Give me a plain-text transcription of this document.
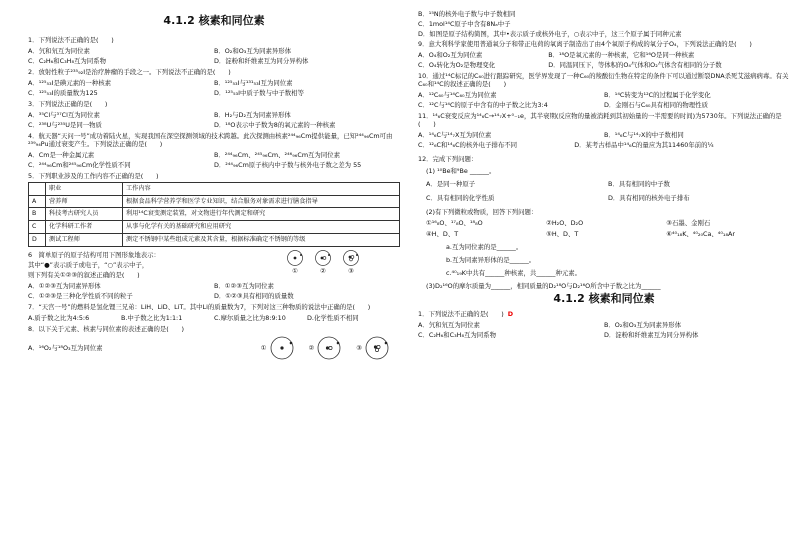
4.1.2 核素和同位素
1．下列说法不正确的是(　　)
A．氕和氘互为同位素	B．O₂和O₃互为同素异形体
C．C₂H₆和C₃H₈互为同系物	D．淀粉和纤维素互为同分异构体
2．放射性粒子²³⁵₉₂I是治疗肿瘤的手段之一。下列说法不正确的是(　　)
A．¹²⁵₅₃I是碘元素的一种核素	B．¹²⁵₅₃I与¹³¹₅₃I互为同位素
C．¹²⁵₅₃I的质量数为125	D．¹²⁵₅₃I中质子数与中子数相等
3．下列说法正确的是(　　)
A．³⁵Cl与³⁷Cl互为同位素	B．H₂与D₂互为同素异形体
C．²³⁸U与²³⁵U是同一物质	D．¹⁸O表示中子数为8的氧元素的一种核素
4．航天器“天问一号”成功着陆火星，实现我国在深空探测领域的技术跨越。此次探测由核素²⁴⁴₉₆Cm提供能量，已知²⁴⁴₉₆Cm可由²³⁹₉₄Pu通过衰变产生。下列说法正确的是(　　)
A．Cm是一种金属元素	B．²⁴⁴₉₆Cm、²⁴⁵₉₆Cm、²⁴⁶₉₆Cm互为同位素
C．²⁴⁴₉₆Cm和²⁴⁵₉₆Cm化学性质不同	D．²⁴⁴₉₆Cm原子核内中子数与核外电子数之差为 55
5．下列职业涉及的工作内容不正确的是(　　)
	职业	工作内容
A	营养师	根据食品科学营养学和医学专业知识，结合服务对象需求进行膳食指导
B	科技考古研究人员	利用¹⁴C衰变测定装置，对文物进行年代测定和研究
C	化学科研工作者	从事与化学有关的基础研究和应用研究
D	测试工程师	测定不锈钢中某些组成元素及其含量，根据标准确定不锈钢的等级
6　简单原子的原子结构可用下图形象地表示：
其中“●”表示质子或电子，“○”表示中子，
则下列有关①②③的叙述正确的是(　　)	①	②	③
A．①②③互为同素异形体	B．①②③互为同位素
C．①②③是三种化学性质不同的粒子	D．①②③具有相同的质量数
7．“天宫一号”的燃料是氢化锂三兄弟：LiH、LiD、LiT。其中Li的质量数为7，下列对这三种物质的说法中正确的是(　　)
A.质子数之比为4:5:6	B.中子数之比为1:1:1	C.摩尔质量之比为8:9:10	D.化学性质不相同
8．以下关于元素、核素与同位素的表述正确的是(　　)
A．¹⁶O₂与¹⁸O₃互为同位素	①	②	③
B．¹⁵N的核外电子数与中子数相同
C．1mol¹⁴C原子中含有8Nₐ中子
D．如图是原子结构简图，其中•表示质子或核外电子，○表示中子，这三个原子属于同种元素
9．意大利科学家使用普通氧分子和带正电荷的氧离子制造出了由4个氧原子构成的氧分子O₄，下列说法正确的是(　　)
A．O₄和O₂互为同位素	B．¹⁸O是氧元素的一种核素，它和¹⁶O是同一种核素
C．O₄转化为O₂是物理变化	D．同温同压下，等体积的O₄气体和O₂气体含有相同的分子数
10．通过¹⁴C标记的C₆₀进行跟踪研究，医学界发现了一种C₆₀的羧酸衍生物在特定的条件下可以通过断裂DNA杀死艾滋病病毒。有关C₆₀和¹⁴C的叙述正确的是(　　)
A．¹²C₆₀与¹⁴C₆₀互为同位素	B．¹⁴C转变为¹²C的过程属于化学变化
C．¹²C与¹⁴C的原子中含有的中子数之比为3:4	D．金刚石与C₆₀具有相同的物理性质
11．¹⁴₆C衰变反应为¹⁴₆C→¹⁴₇X+⁰₋₁e，其半衰期(反应物的量被消耗到其初始量的一半需要的时间)为5730年。下列说法正确的是(　　)
A．¹⁴₆C与¹⁴₇X互为同位素	B．¹⁴₆C与¹⁴₇X的中子数相同
C．¹²₆C和¹⁴₆C的核外电子排布不同	D．某考古样品中¹⁴₆C的量应为其11460年前的¼
12．完成下列问题：
(1) ¹⁰Be和⁹Be ______。
A．是同一种原子	B．具有相同的中子数
C．具有相同的化学性质	D．具有相同的核外电子排布
(2)有下列微粒或物质，回答下列问题：
①¹⁶₈O、¹⁷₈O、¹⁸₈O	②H₂O、D₂O	③石墨、金刚石
④H、D、T	⑤H、D、T	⑥⁴⁰₁₈K、⁴⁰₂₀Ca、⁴⁰₁₈Ar
a.互为同位素的是______。
b.互为同素异形体的是______。
c.⁴⁰₁₉K中共有______种核素，共______种元素。
(3)D₂¹⁶O的摩尔质量为______，相同质量的D₂¹⁸O与D₂¹⁶O所含中子数之比为______
4.1.2 核素和同位素
1．下列说法不正确的是(　　) D
A．氕和氘互为同位素	B．O₂和O₃互为同素异形体
C．C₂H₆和C₃H₈互为同系物	D．淀粉和纤维素互为同分异构体
